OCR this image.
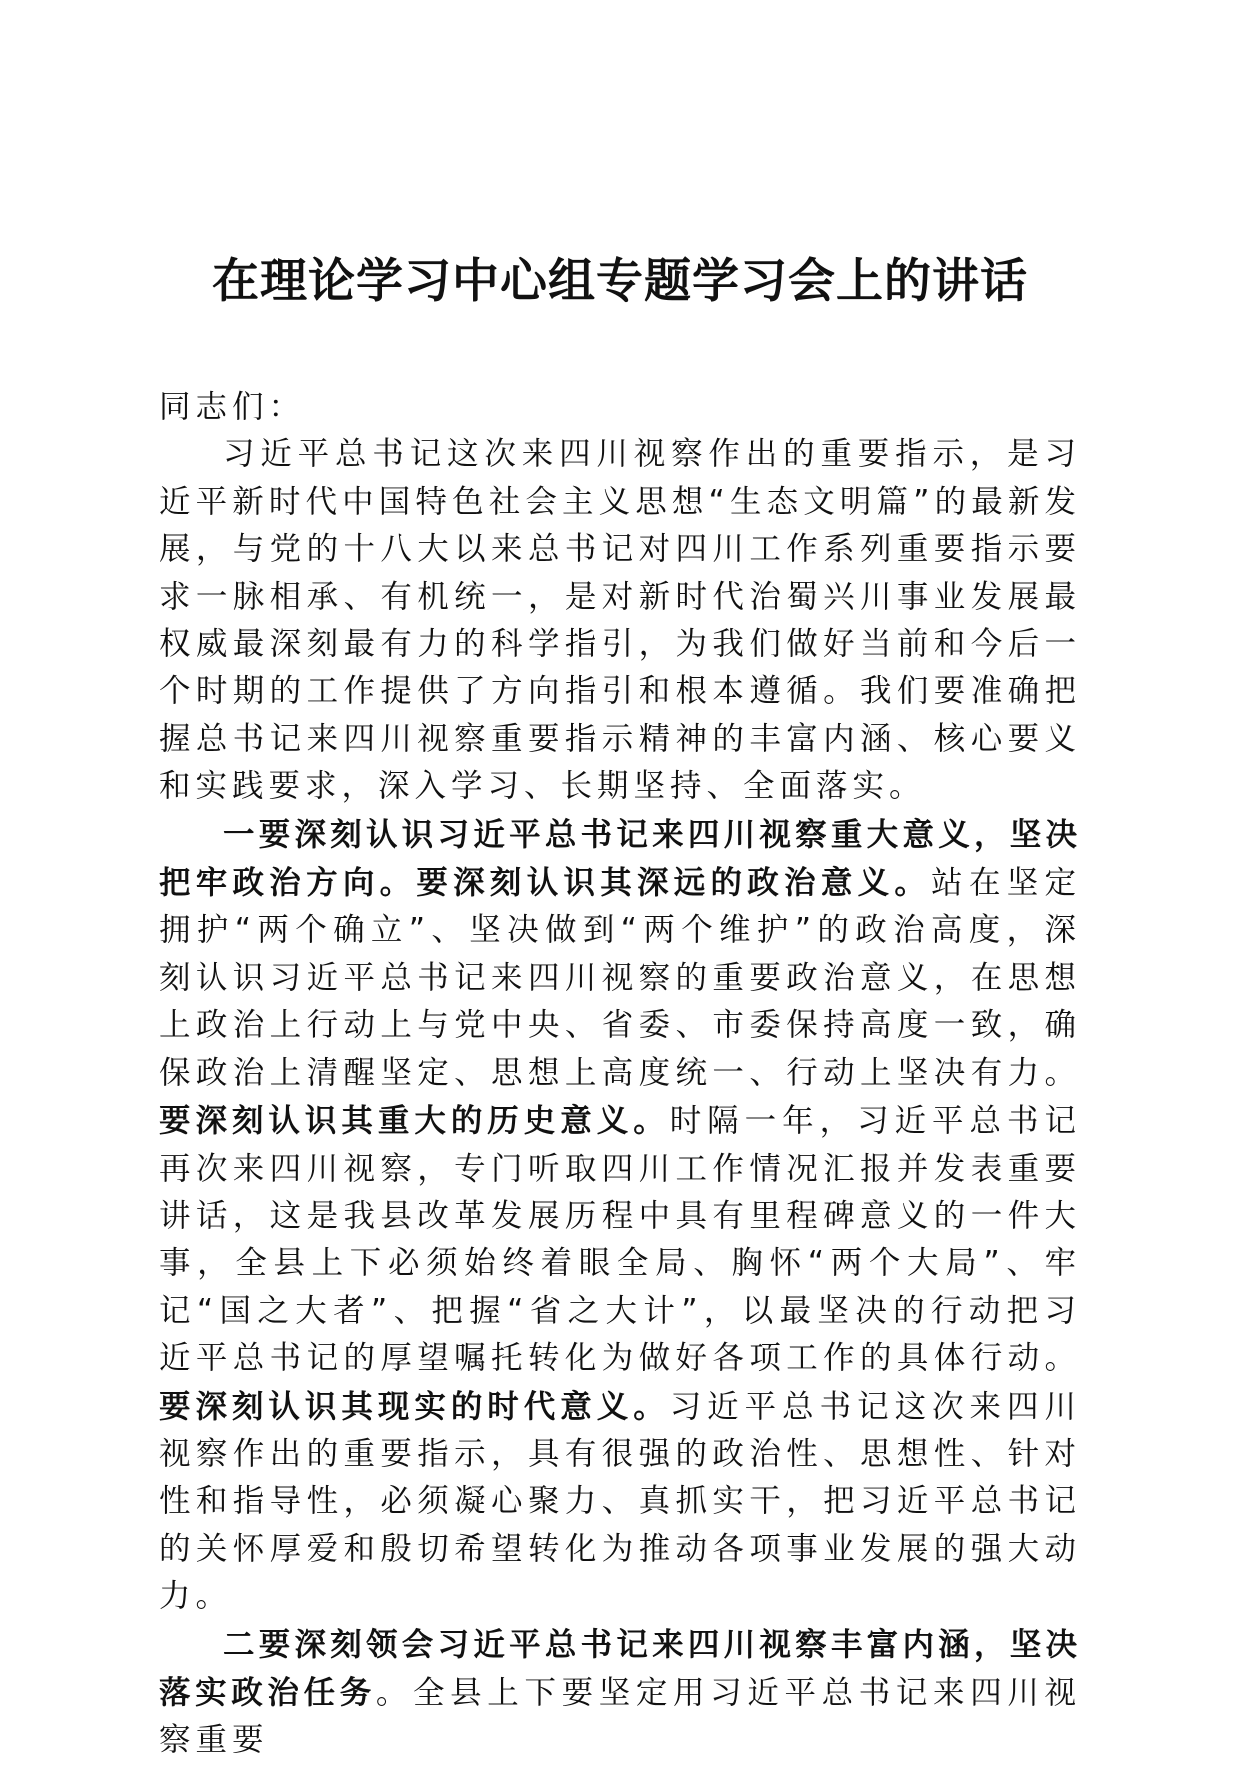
在理论学习中心组专题学习会上的讲话

同志们：

习近平总书记这次来四川视察作出的重要指示，是习近平新时代中国特色社会主义思想“生态文明篇”的最新发展，与党的十八大以来总书记对四川工作系列重要指示要求一脉相承、有机统一，是对新时代治蜀兴川事业发展最权威最深刻最有力的科学指引，为我们做好当前和今后一个时期的工作提供了方向指引和根本遵循。我们要准确把握总书记来四川视察重要指示精神的丰富内涵、核心要义和实践要求，深入学习、长期坚持、全面落实。

一要深刻认识习近平总书记来四川视察重大意义，坚决把牢政治方向。要深刻认识其深远的政治意义。站在坚定拥护“两个确立”、坚决做到“两个维护”的政治高度，深刻认识习近平总书记来四川视察的重要政治意义，在思想上政治上行动上与党中央、省委、市委保持高度一致，确保政治上清醒坚定、思想上高度统一、行动上坚决有力。要深刻认识其重大的历史意义。时隔一年，习近平总书记再次来四川视察，专门听取四川工作情况汇报并发表重要讲话，这是我县改革发展历程中具有里程碑意义的一件大事，全县上下必须始终着眼全局、胸怀“两个大局”、牢记“国之大者”、把握“省之大计”，以最坚决的行动把习近平总书记的厚望嘱托转化为做好各项工作的具体行动。要深刻认识其现实的时代意义。习近平总书记这次来四川视察作出的重要指示，具有很强的政治性、思想性、针对性和指导性，必须凝心聚力、真抓实干，把习近平总书记的关怀厚爱和殷切希望转化为推动各项事业发展的强大动力。

二要深刻领会习近平总书记来四川视察丰富内涵，坚决落实政治任务。全县上下要坚定用习近平总书记来四川视察重要
